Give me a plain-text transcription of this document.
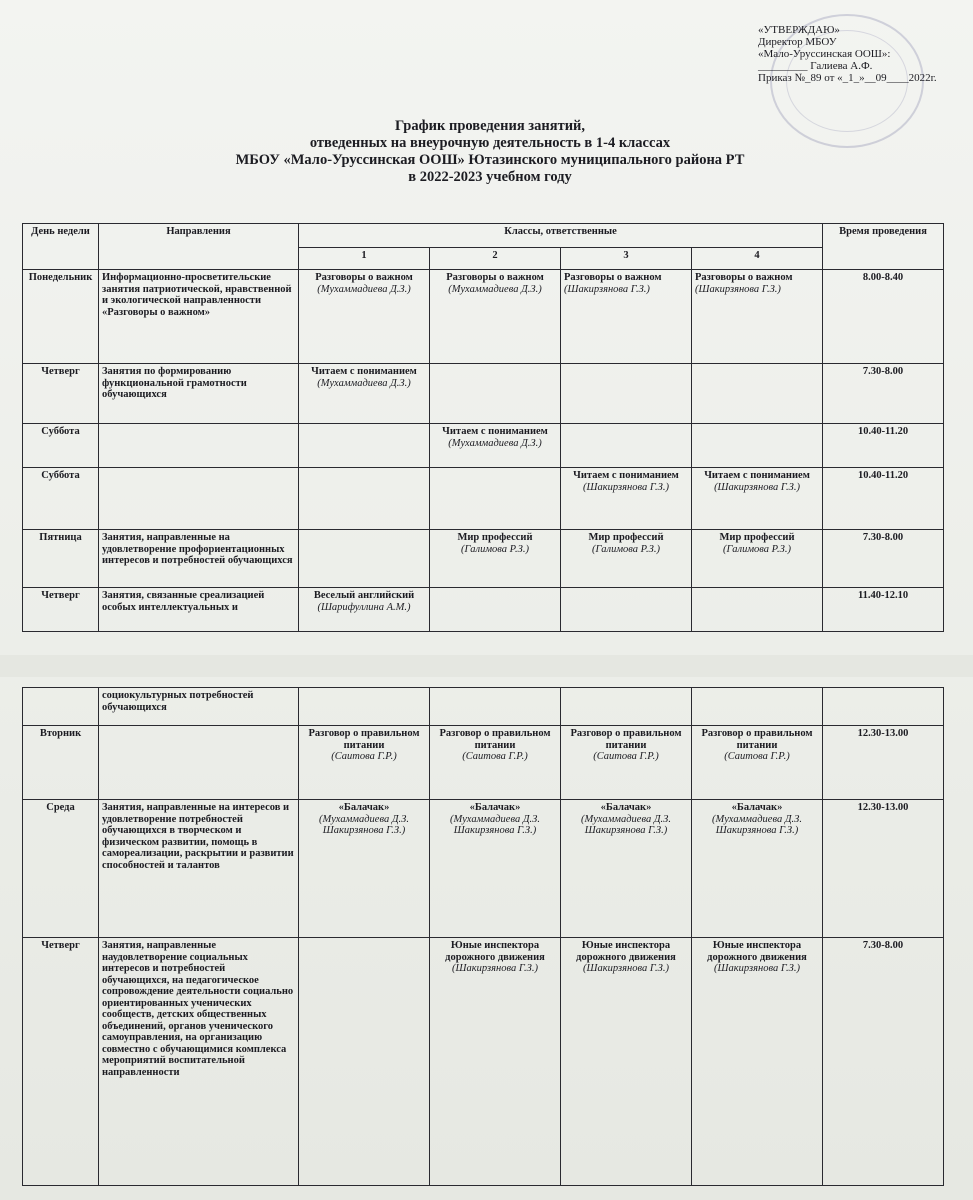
«УТВЕРЖДАЮ»
Директор МБОУ
«Мало-Уруссинская ООШ»:
_________ Галиева А.Ф.
Приказ №_89 от «_1_»__09____2022г.
График проведения занятий,
отведенных на внеурочную деятельность в 1-4 классах
МБОУ «Мало-Уруссинская ООШ» Ютазинского муниципального района РТ
в 2022-2023 учебном году
День недели	Направления	Классы, ответственные				Время проведения
		1	2	3	4	
Понедельник	Информационно-просветительские занятия патриотической, нравственной и экологической направленности «Разговоры о важном»	Разговоры о важном
(Мухаммадиева Д.З.)	Разговоры о важном
(Мухаммадиева Д.З.)	Разговоры о важном
(Шакирзянова Г.З.)	Разговоры о важном
(Шакирзянова Г.З.)	8.00-8.40
Четверг	Занятия по формированию функциональной грамотности обучающихся	Читаем с пониманием
(Мухаммадиева Д.З.)				7.30-8.00
Суббота			Читаем с пониманием
(Мухаммадиева Д.З.)			10.40-11.20
Суббота				Читаем с пониманием
(Шакирзянова Г.З.)	Читаем с пониманием
(Шакирзянова Г.З.)	10.40-11.20
Пятница	Занятия, направленные на удовлетворение профориентационных интересов и потребностей обучающихся		Мир профессий
(Галимова Р.З.)	Мир профессий
(Галимова Р.З.)	Мир профессий
(Галимова Р.З.)	7.30-8.00
Четверг	Занятия, связанные среализацией особых интеллектуальных и	Веселый английский
(Шарифуллина А.М.)				11.40-12.10
	социокультурных потребностей обучающихся					
Вторник		Разговор о правильном питании
(Саитова Г.Р.)	Разговор о правильном питании
(Саитова Г.Р.)	Разговор о правильном питании
(Саитова Г.Р.)	Разговор о правильном питании
(Саитова Г.Р.)	12.30-13.00
Среда	Занятия, направленные на интересов и удовлетворение потребностей обучающихся в творческом и физическом развитии, помощь в самореализации, раскрытии и развитии способностей и талантов	«Балачак»
(Мухаммадиева Д.З. Шакирзянова Г.З.)	«Балачак»
(Мухаммадиева Д.З. Шакирзянова Г.З.)	«Балачак»
(Мухаммадиева Д.З. Шакирзянова Г.З.)	«Балачак»
(Мухаммадиева Д.З. Шакирзянова Г.З.)	12.30-13.00
Четверг	Занятия, направленные наудовлетворение социальных интересов и потребностей обучающихся, на педагогическое сопровождение деятельности социально ориентированных ученических сообществ, детских общественных объединений, органов ученического самоуправления, на организацию совместно с обучающимися комплекса мероприятий воспитательной направленности		Юные инспектора дорожного движения
(Шакирзянова Г.З.)	Юные инспектора дорожного движения
(Шакирзянова Г.З.)	Юные инспектора дорожного движения
(Шакирзянова Г.З.)	7.30-8.00
